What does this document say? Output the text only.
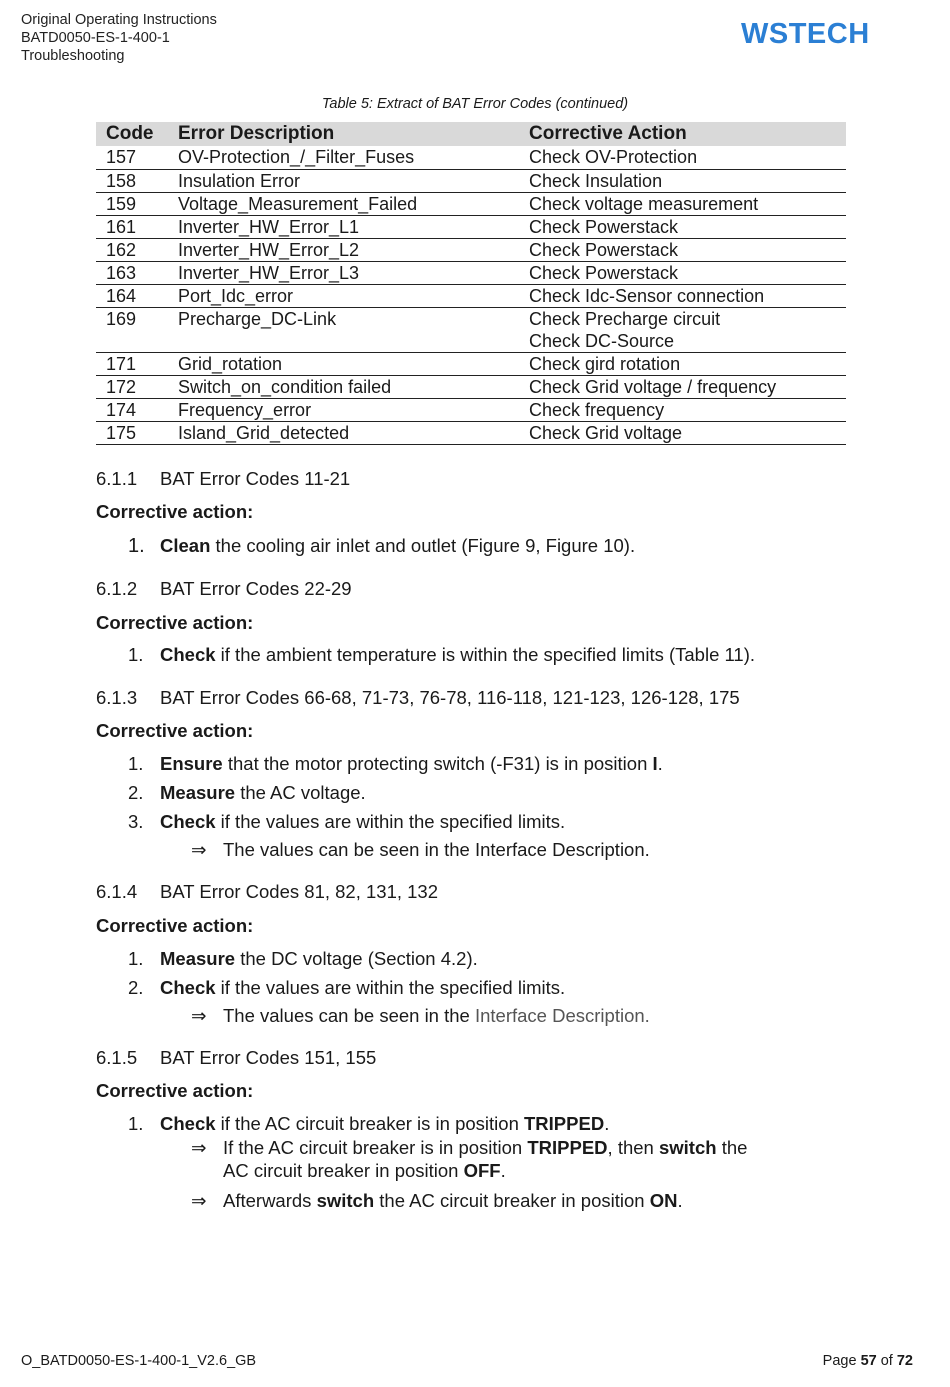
Original Operating Instructions
BATD0050-ES-1-400-1
Troubleshooting
WSTECH
Table 5: Extract of BAT Error Codes (continued)
Code	Error Description	Corrective Action
157	OV-Protection_/_Filter_Fuses	Check OV-Protection

158	Insulation Error	Check Insulation

159	Voltage_Measurement_Failed	Check voltage measurement

161	Inverter_HW_Error_L1	Check Powerstack

162	Inverter_HW_Error_L2	Check Powerstack

163	Inverter_HW_Error_L3	Check Powerstack

164	Port_Idc_error	Check Idc-Sensor connection

169	Precharge_DC-Link	Check Precharge circuit
Check DC-Source

171	Grid_rotation	Check gird rotation

172	Switch_on_condition failed	Check Grid voltage / frequency

174	Frequency_error	Check frequency

175	Island_Grid_detected	Check Grid voltage
6.1.1 BAT Error Codes 11-21
Corrective action:
1. Clean the cooling air inlet and outlet (Figure 9, Figure 10).
6.1.2 BAT Error Codes 22-29
Corrective action:
1. Check if the ambient temperature is within the specified limits (Table 11).
6.1.3 BAT Error Codes 66-68, 71-73, 76-78, 116-118, 121-123, 126-128, 175
Corrective action:
1. Ensure that the motor protecting switch (-F31) is in position I.
2. Measure the AC voltage.
3. Check if the values are within the specified limits.
⇒ The values can be seen in the Interface Description.
6.1.4 BAT Error Codes 81, 82, 131, 132
Corrective action:
1. Measure the DC voltage (Section 4.2).
2. Check if the values are within the specified limits.
⇒ The values can be seen in the Interface Description.
6.1.5 BAT Error Codes 151, 155
Corrective action:
1. Check if the AC circuit breaker is in position TRIPPED.
⇒ If the AC circuit breaker is in position TRIPPED, then switch the
AC circuit breaker in position OFF.
⇒ Afterwards switch the AC circuit breaker in position ON.
O_BATD0050-ES-1-400-1_V2.6_GB	Page 57 of 72
